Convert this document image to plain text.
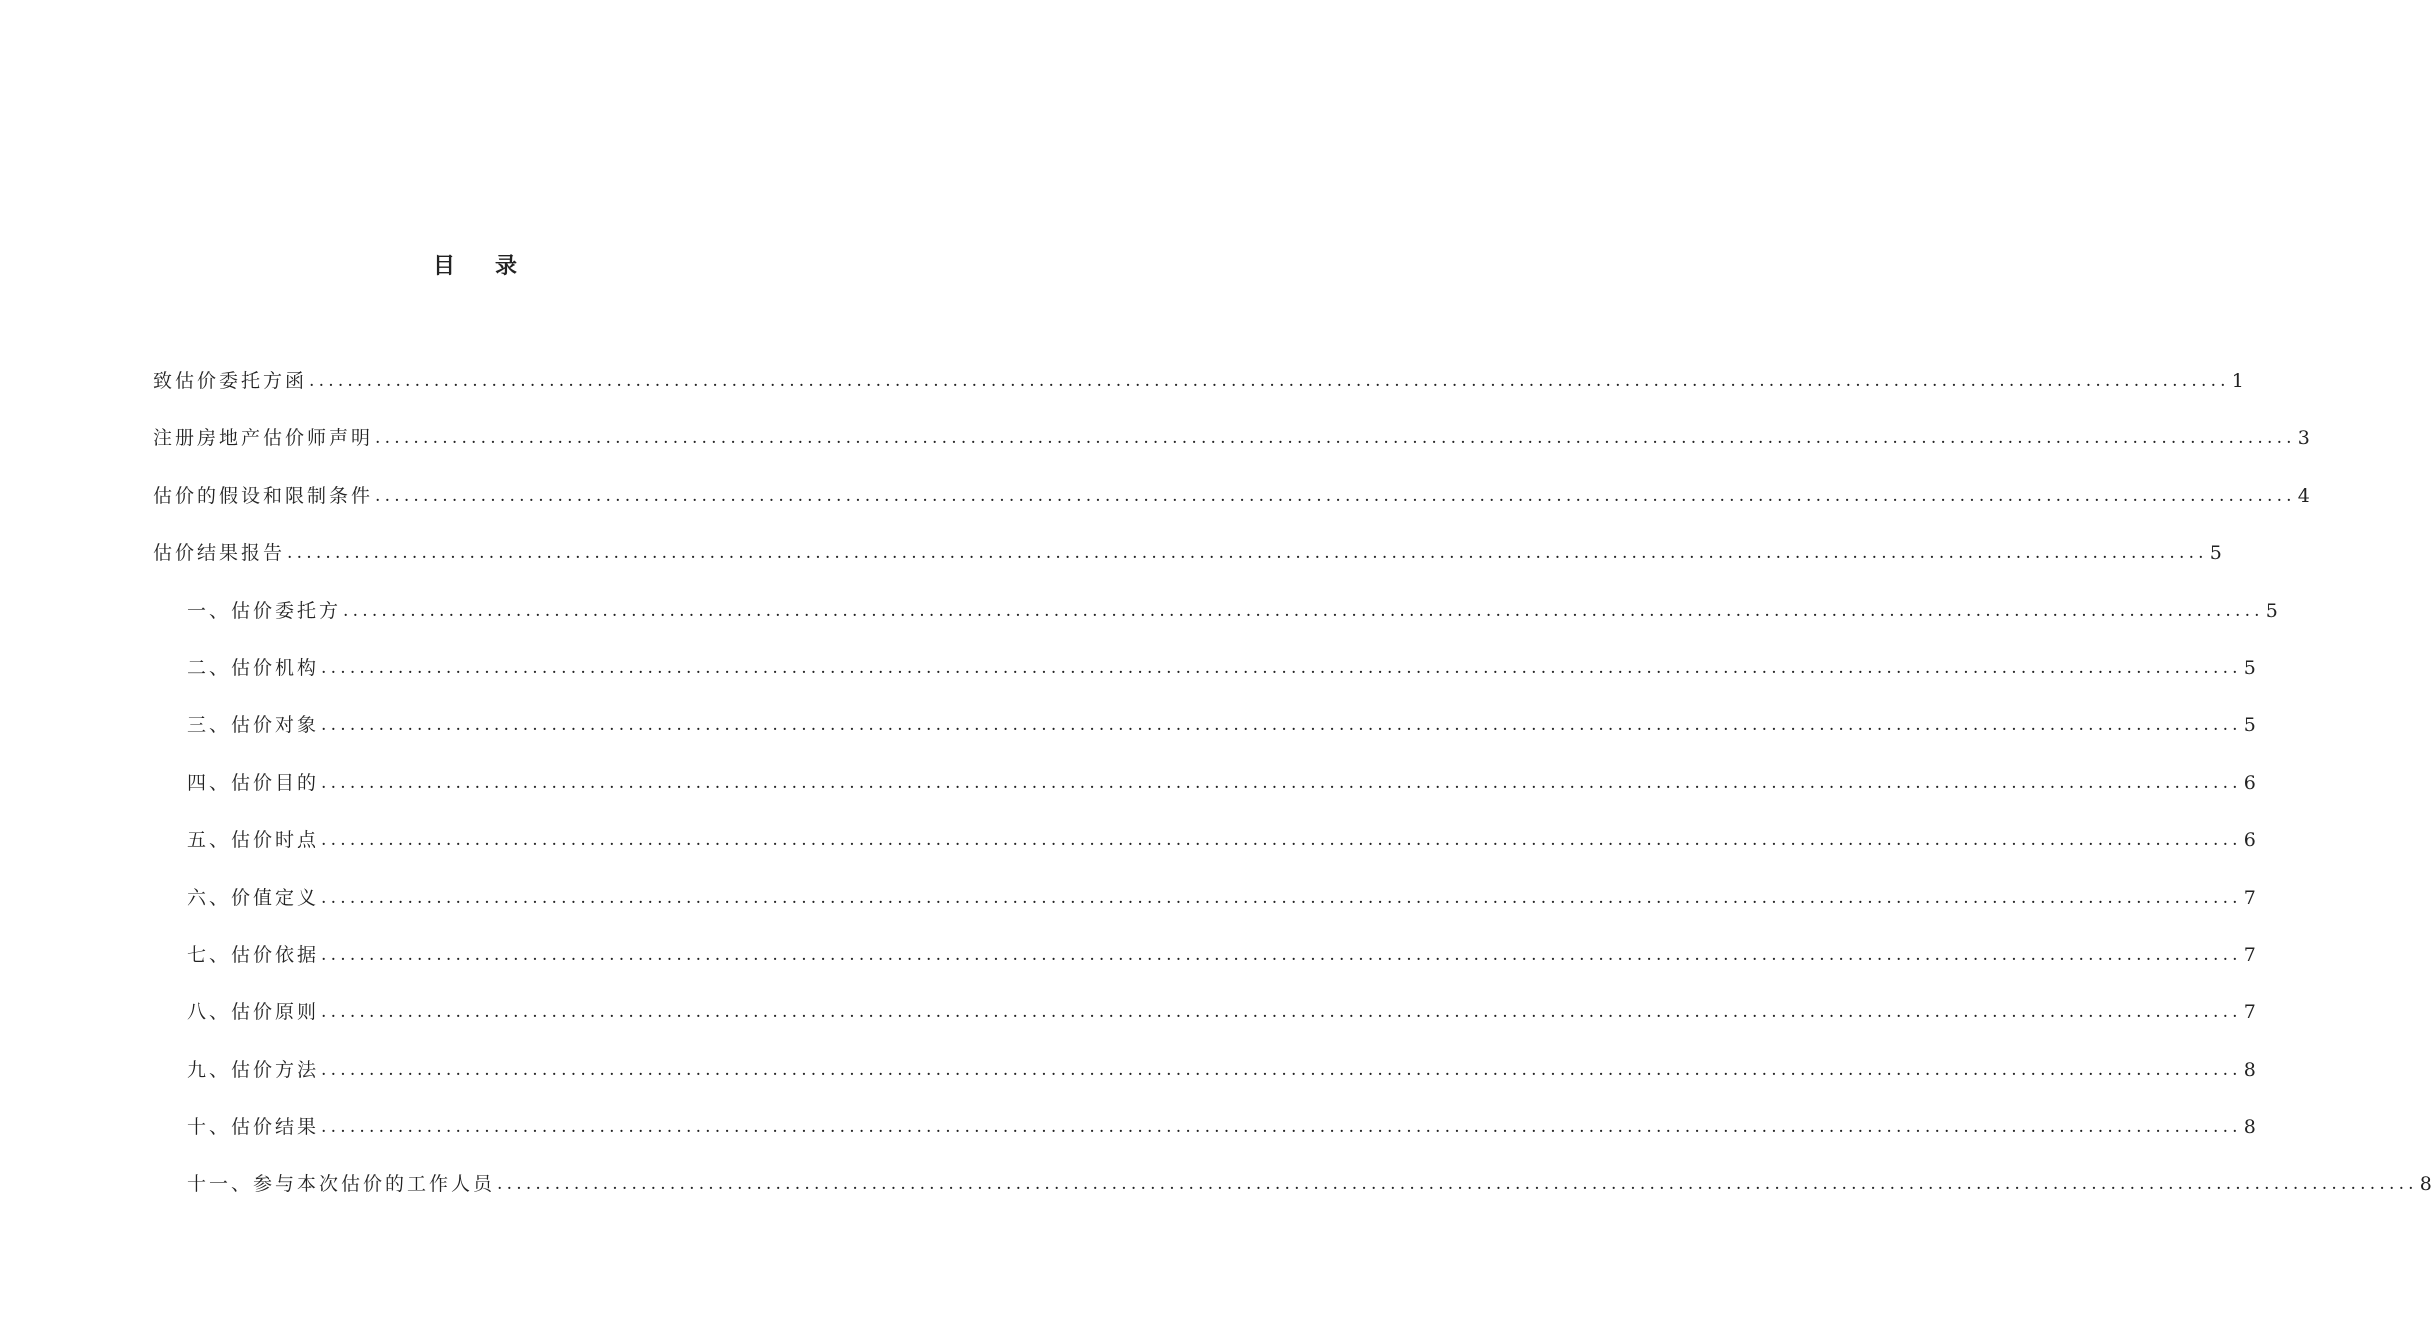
目录
致估价委托方函 ........................................................................................................................................................................................................ 1
注册房地产估价师声明 ........................................................................................................................................................................................................ 3
估价的假设和限制条件 ........................................................................................................................................................................................................ 4
估价结果报告 ........................................................................................................................................................................................................ 5
一、估价委托方 ........................................................................................................................................................................................................ 5
二、估价机构 ........................................................................................................................................................................................................ 5
三、估价对象 ........................................................................................................................................................................................................ 5
四、估价目的 ........................................................................................................................................................................................................ 6
五、估价时点 ........................................................................................................................................................................................................ 6
六、价值定义 ........................................................................................................................................................................................................ 7
七、估价依据 ........................................................................................................................................................................................................ 7
八、估价原则 ........................................................................................................................................................................................................ 7
九、估价方法 ........................................................................................................................................................................................................ 8
十、估价结果 ........................................................................................................................................................................................................ 8
十一、参与本次估价的工作人员 ........................................................................................................................................................................................................ 8
